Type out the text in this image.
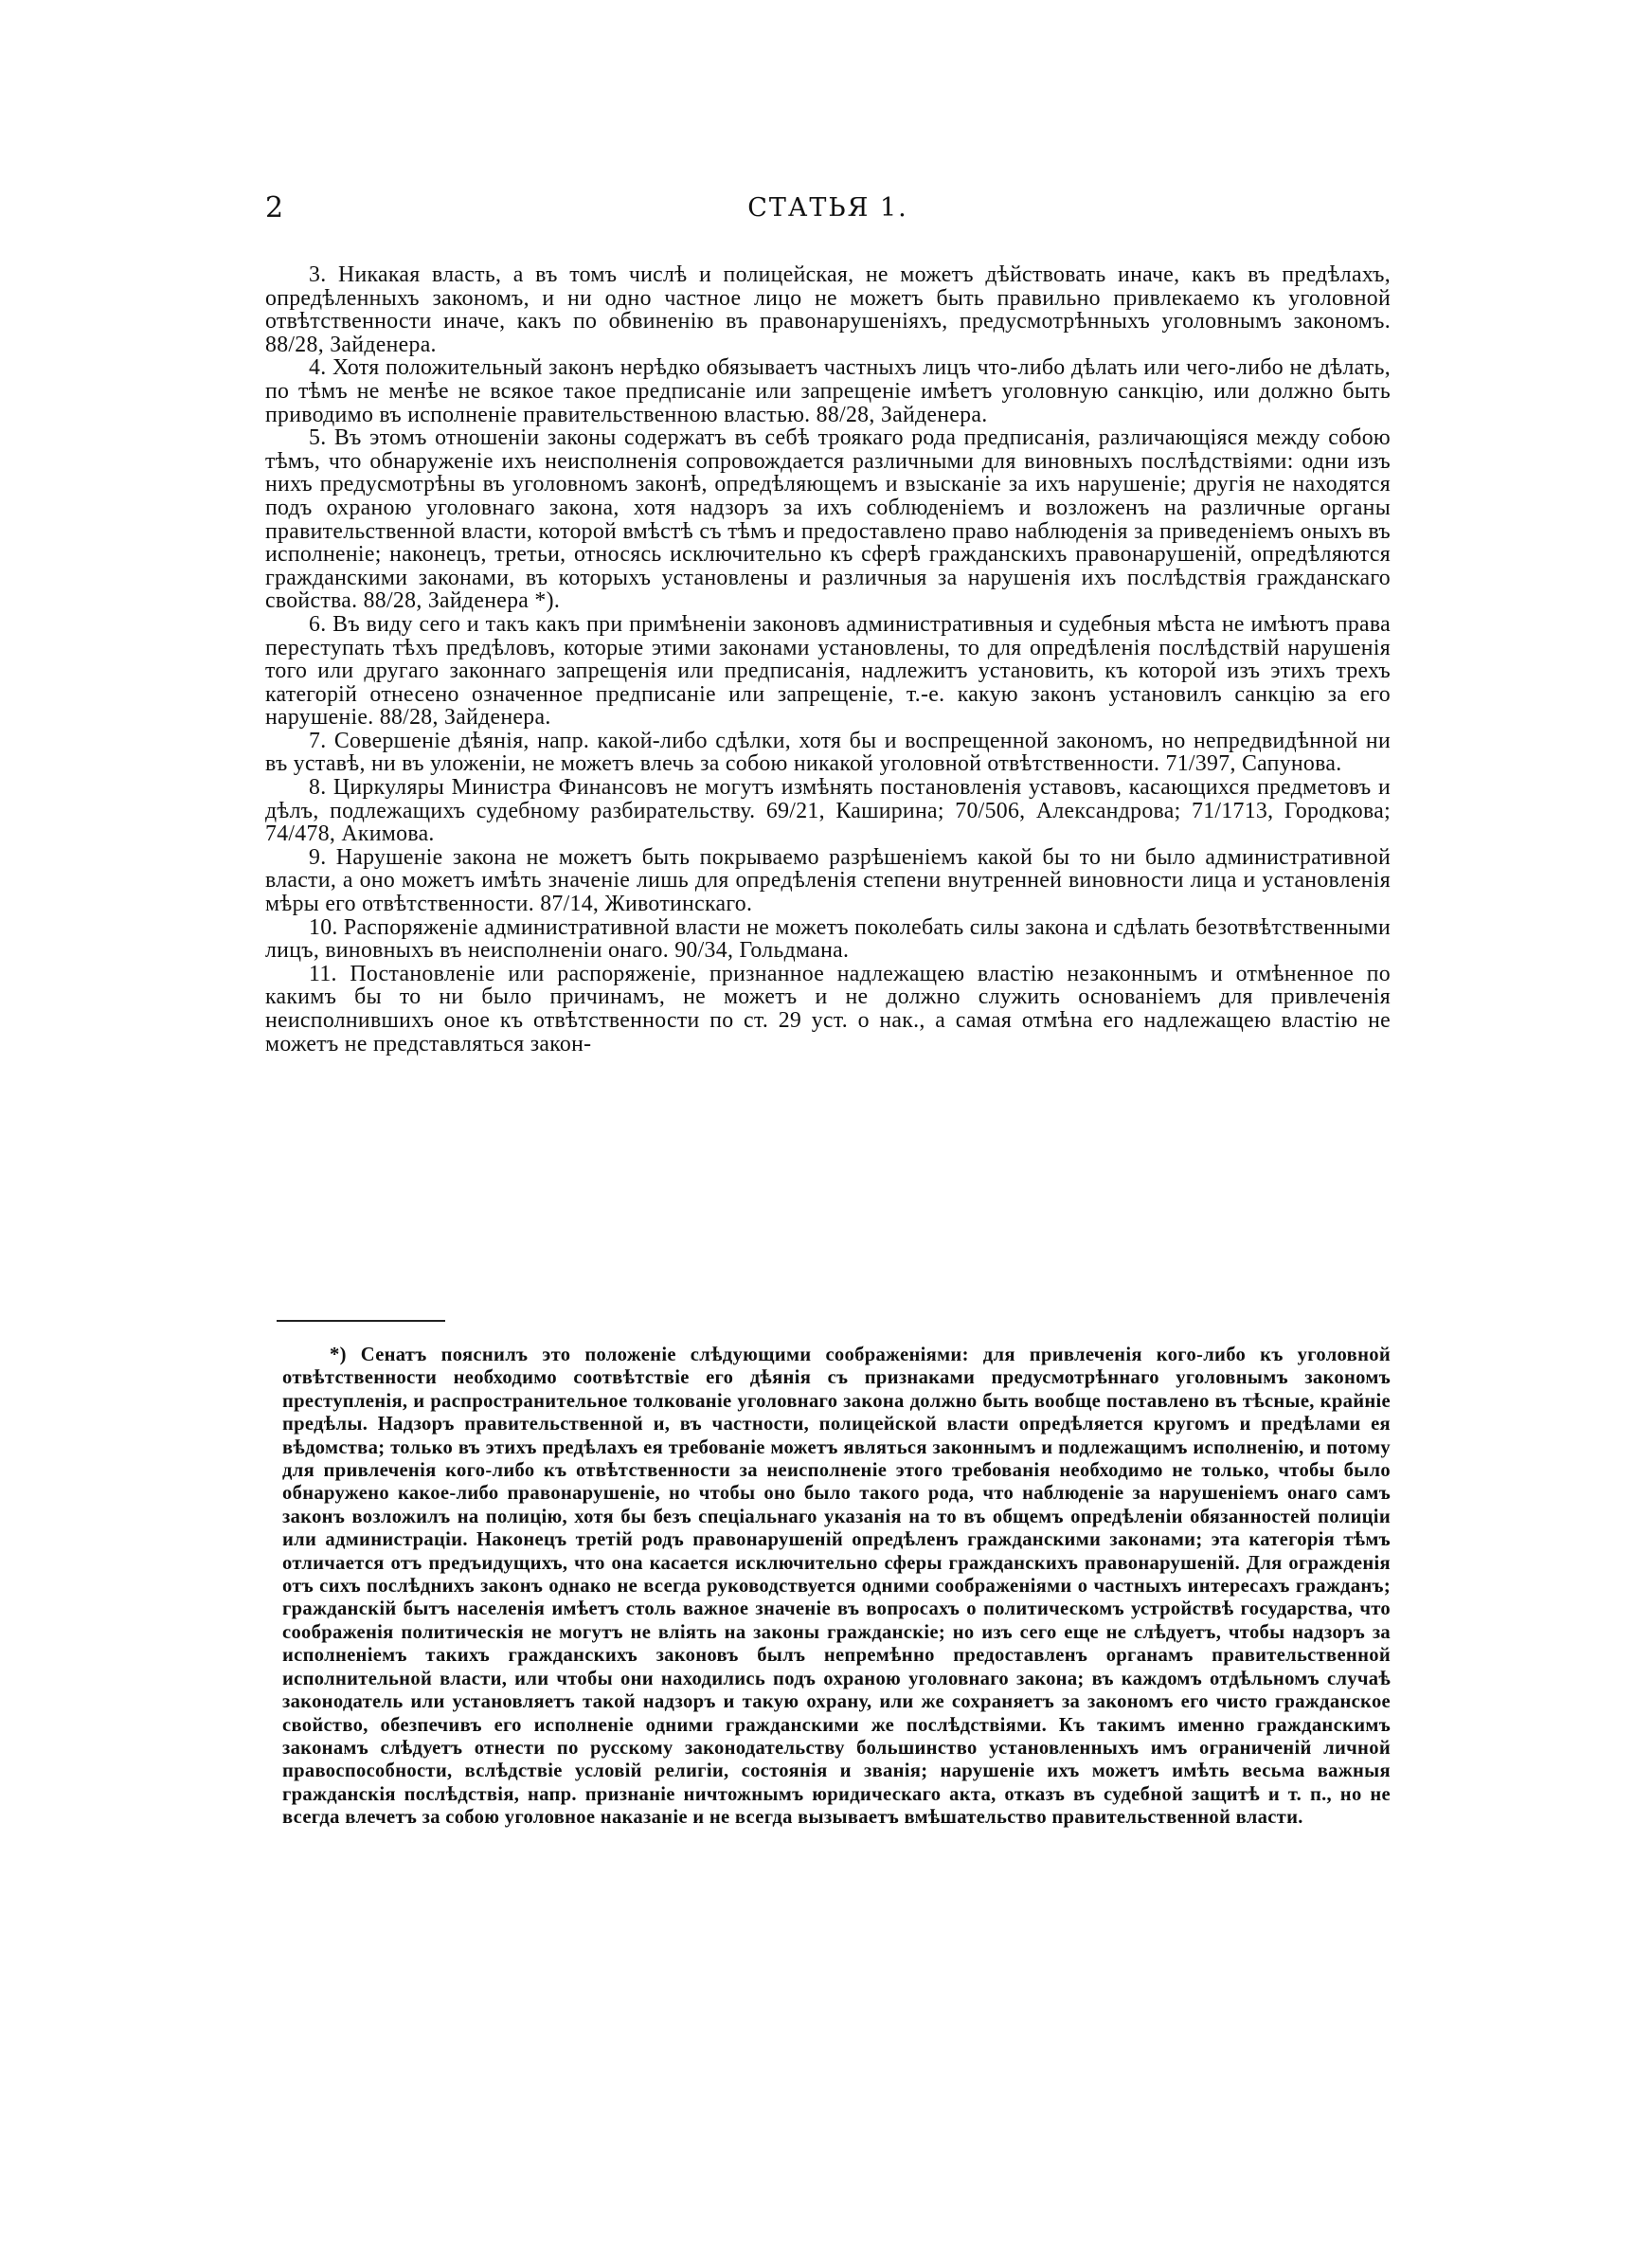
2	СТАТЬЯ 1.

3. Никакая власть, а въ томъ числѣ и полицейская, не можетъ дѣйствовать иначе, какъ въ предѣлахъ, опредѣленныхъ закономъ, и ни одно частное лицо не можетъ быть правильно привлекаемо къ уголовной отвѣтственности иначе, какъ по обвиненію въ правонарушеніяхъ, предусмотрѣнныхъ уголовнымъ закономъ. 88/28, Зайденера.

4. Хотя положительный законъ нерѣдко обязываетъ частныхъ лицъ что-либо дѣлать или чего-либо не дѣлать, по тѣмъ не менѣе не всякое такое предписаніе или запрещеніе имѣетъ уголовную санкцію, или должно быть приводимо въ исполненіе правительственною властью. 88/28, Зайденера.

5. Въ этомъ отношеніи законы содержатъ въ себѣ троякаго рода предписанія, различающіяся между собою тѣмъ, что обнаруженіе ихъ неисполненія сопровождается различными для виновныхъ послѣдствіями: одни изъ нихъ предусмотрѣны въ уголовномъ законѣ, опредѣляющемъ и взысканіе за ихъ нарушеніе; другія не находятся подъ охраною уголовнаго закона, хотя надзоръ за ихъ соблюденіемъ и возложенъ на различные органы правительственной власти, которой вмѣстѣ съ тѣмъ и предоставлено право наблюденія за приведеніемъ оныхъ въ исполненіе; наконецъ, третьи, относясь исключительно къ сферѣ гражданскихъ правонарушеній, опредѣляются гражданскими законами, въ которыхъ установлены и различныя за нарушенія ихъ послѣдствія гражданскаго свойства. 88/28, Зайденера *).

6. Въ виду сего и такъ какъ при примѣненіи законовъ административныя и судебныя мѣста не имѣютъ права переступать тѣхъ предѣловъ, которые этими законами установлены, то для опредѣленія послѣдствій нарушенія того или другаго законнаго запрещенія или предписанія, надлежитъ установить, къ которой изъ этихъ трехъ категорій отнесено означенное предписаніе или запрещеніе, т.-е. какую законъ установилъ санкцію за его нарушеніе. 88/28, Зайденера.

7. Совершеніе дѣянія, напр. какой-либо сдѣлки, хотя бы и воспрещенной закономъ, но непредвидѣнной ни въ уставѣ, ни въ уложеніи, не можетъ влечь за собою никакой уголовной отвѣтственности. 71/397, Сапунова.

8. Циркуляры Министра Финансовъ не могутъ измѣнять постановленія уставовъ, касающихся предметовъ и дѣлъ, подлежащихъ судебному разбирательству. 69/21, Каширина; 70/506, Александрова; 71/1713, Городкова; 74/478, Акимова.

9. Нарушеніе закона не можетъ быть покрываемо разрѣшеніемъ какой бы то ни было административной власти, а оно можетъ имѣть значеніе лишь для опредѣленія степени внутренней виновности лица и установленія мѣры его отвѣтственности. 87/14, Животинскаго.

10. Распоряженіе административной власти не можетъ поколебать силы закона и сдѣлать безотвѣтственными лицъ, виновныхъ въ неисполненіи онаго. 90/34, Гольдмана.

11. Постановленіе или распоряженіе, признанное надлежащею властію незаконнымъ и отмѣненное по какимъ бы то ни было причинамъ, не можетъ и не должно служить основаніемъ для привлеченія неисполнившихъ оное къ отвѣтственности по ст. 29 уст. о нак., а самая отмѣна его надлежащею властію не можетъ не представляться закон-

*) Сенатъ пояснилъ это положеніе слѣдующими соображеніями: для привлеченія кого-либо къ уголовной отвѣтственности необходимо соотвѣтствіе его дѣянія съ признаками предусмотрѣннаго уголовнымъ закономъ преступленія, и распространительное толкованіе уголовнаго закона должно быть вообще поставлено въ тѣсные, крайніе предѣлы. Надзоръ правительственной и, въ частности, полицейской власти опредѣляется кругомъ и предѣлами ея вѣдомства; только въ этихъ предѣлахъ ея требованіе можетъ являться законнымъ и подлежащимъ исполненію, и потому для привлеченія кого-либо къ отвѣтственности за неисполненіе этого требованія необходимо не только, чтобы было обнаружено какое-либо правонарушеніе, но чтобы оно было такого рода, что наблюденіе за нарушеніемъ онаго самъ законъ возложилъ на полицію, хотя бы безъ спеціальнаго указанія на то въ общемъ опредѣленіи обязанностей полиціи или администраціи. Наконецъ третій родъ правонарушеній опредѣленъ гражданскими законами; эта категорія тѣмъ отличается отъ предъидущихъ, что она касается исключительно сферы гражданскихъ правонарушеній. Для огражденія отъ сихъ послѣднихъ законъ однако не всегда руководствуется одними соображеніями о частныхъ интересахъ гражданъ; гражданскій бытъ населенія имѣетъ столь важное значеніе въ вопросахъ о политическомъ устройствѣ государства, что соображенія политическія не могутъ не вліять на законы гражданскіе; но изъ сего еще не слѣдуетъ, чтобы надзоръ за исполненіемъ такихъ гражданскихъ законовъ былъ непремѣнно предоставленъ органамъ правительственной исполнительной власти, или чтобы они находились подъ охраною уголовнаго закона; въ каждомъ отдѣльномъ случаѣ законодатель или установляетъ такой надзоръ и такую охрану, или же сохраняетъ за закономъ его чисто гражданское свойство, обезпечивъ его исполненіе одними гражданскими же послѣдствіями. Къ такимъ именно гражданскимъ законамъ слѣдуетъ отнести по русскому законодательству большинство установленныхъ имъ ограниченій личной правоспособности, вслѣдствіе условій религіи, состоянія и званія; нарушеніе ихъ можетъ имѣть весьма важныя гражданскія послѣдствія, напр. признаніе ничтожнымъ юридическаго акта, отказъ въ судебной защитѣ и т. п., но не всегда влечетъ за собою уголовное наказаніе и не всегда вызываетъ вмѣшательство правительственной власти.
